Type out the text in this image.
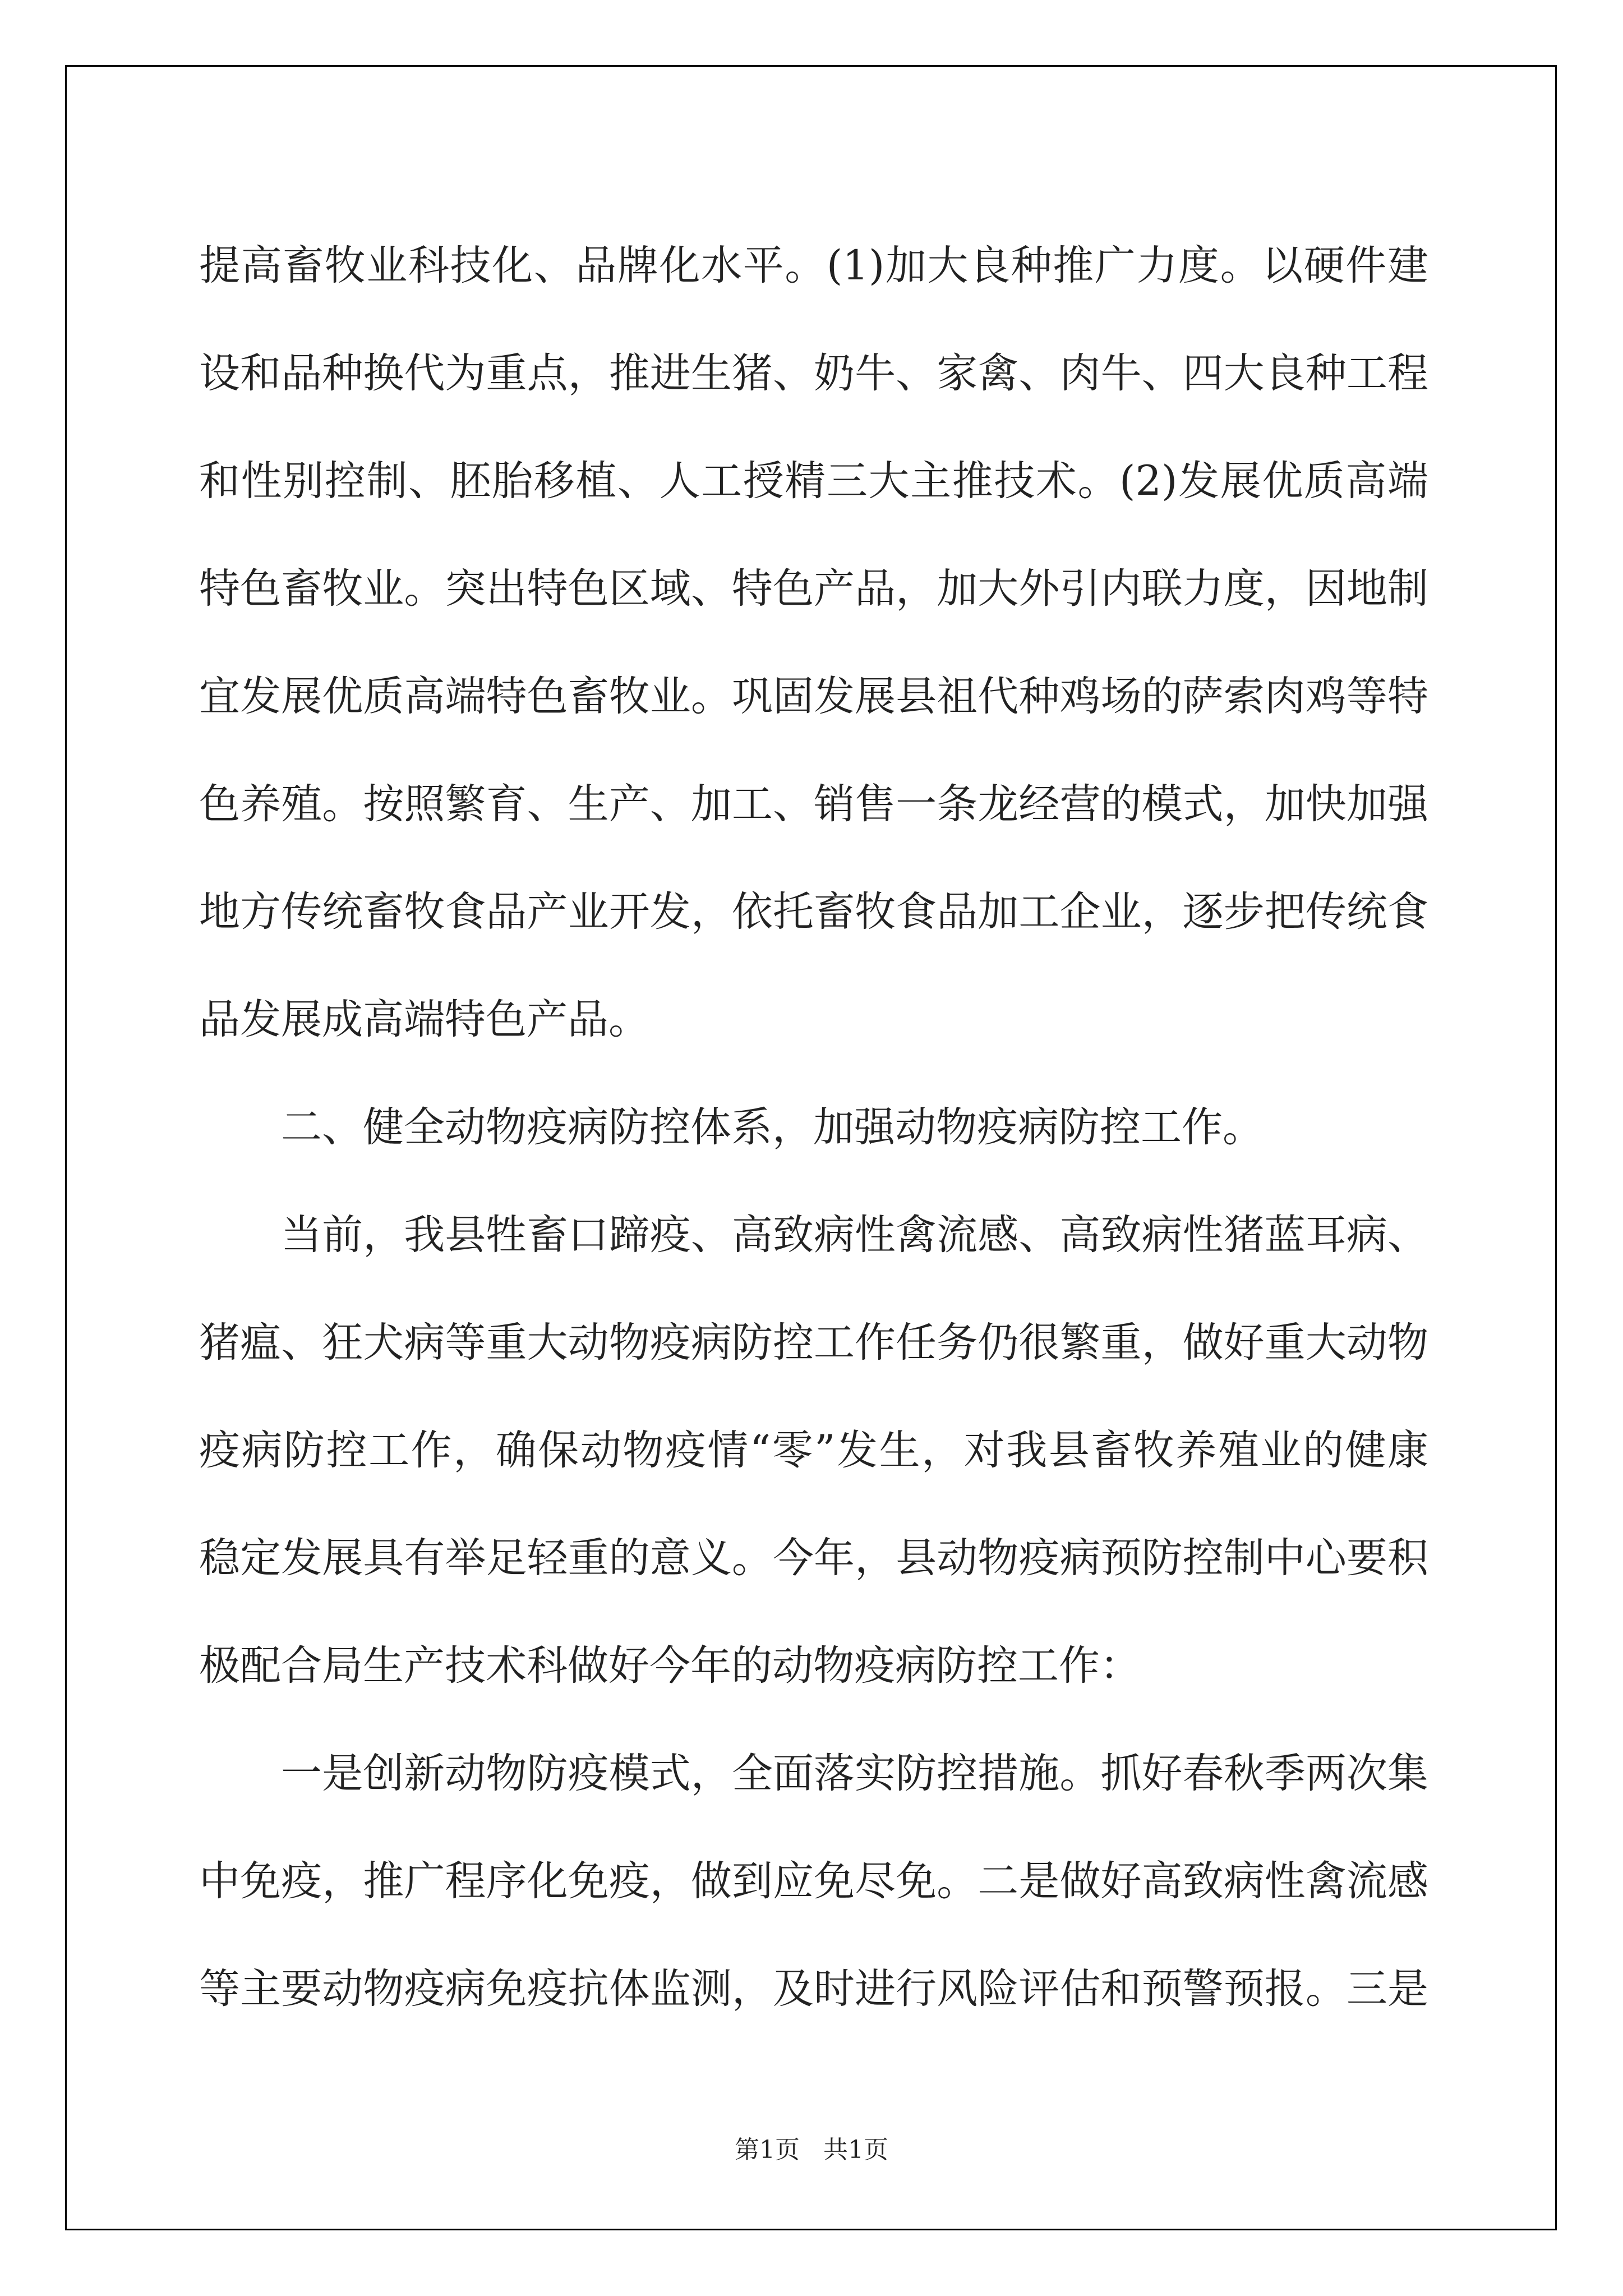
提高畜牧业科技化、品牌化水平。(1)加大良种推广力度。以硬件建
设和品种换代为重点，推进生猪、奶牛、家禽、肉牛、四大良种工程
和性别控制、胚胎移植、人工授精三大主推技术。(2)发展优质高端
特色畜牧业。突出特色区域、特色产品，加大外引内联力度，因地制
宜发展优质高端特色畜牧业。巩固发展县祖代种鸡场的萨索肉鸡等特
色养殖。按照繁育、生产、加工、销售一条龙经营的模式，加快加强
地方传统畜牧食品产业开发，依托畜牧食品加工企业，逐步把传统食
品发展成高端特色产品。
二、健全动物疫病防控体系，加强动物疫病防控工作。
当前，我县牲畜口蹄疫、高致病性禽流感、高致病性猪蓝耳病、
猪瘟、狂犬病等重大动物疫病防控工作任务仍很繁重，做好重大动物
疫病防控工作，确保动物疫情“零”发生，对我县畜牧养殖业的健康
稳定发展具有举足轻重的意义。今年，县动物疫病预防控制中心要积
极配合局生产技术科做好今年的动物疫病防控工作：
一是创新动物防疫模式，全面落实防控措施。抓好春秋季两次集
中免疫，推广程序化免疫，做到应免尽免。二是做好高致病性禽流感
等主要动物疫病免疫抗体监测，及时进行风险评估和预警预报。三是
第1页   共1页
